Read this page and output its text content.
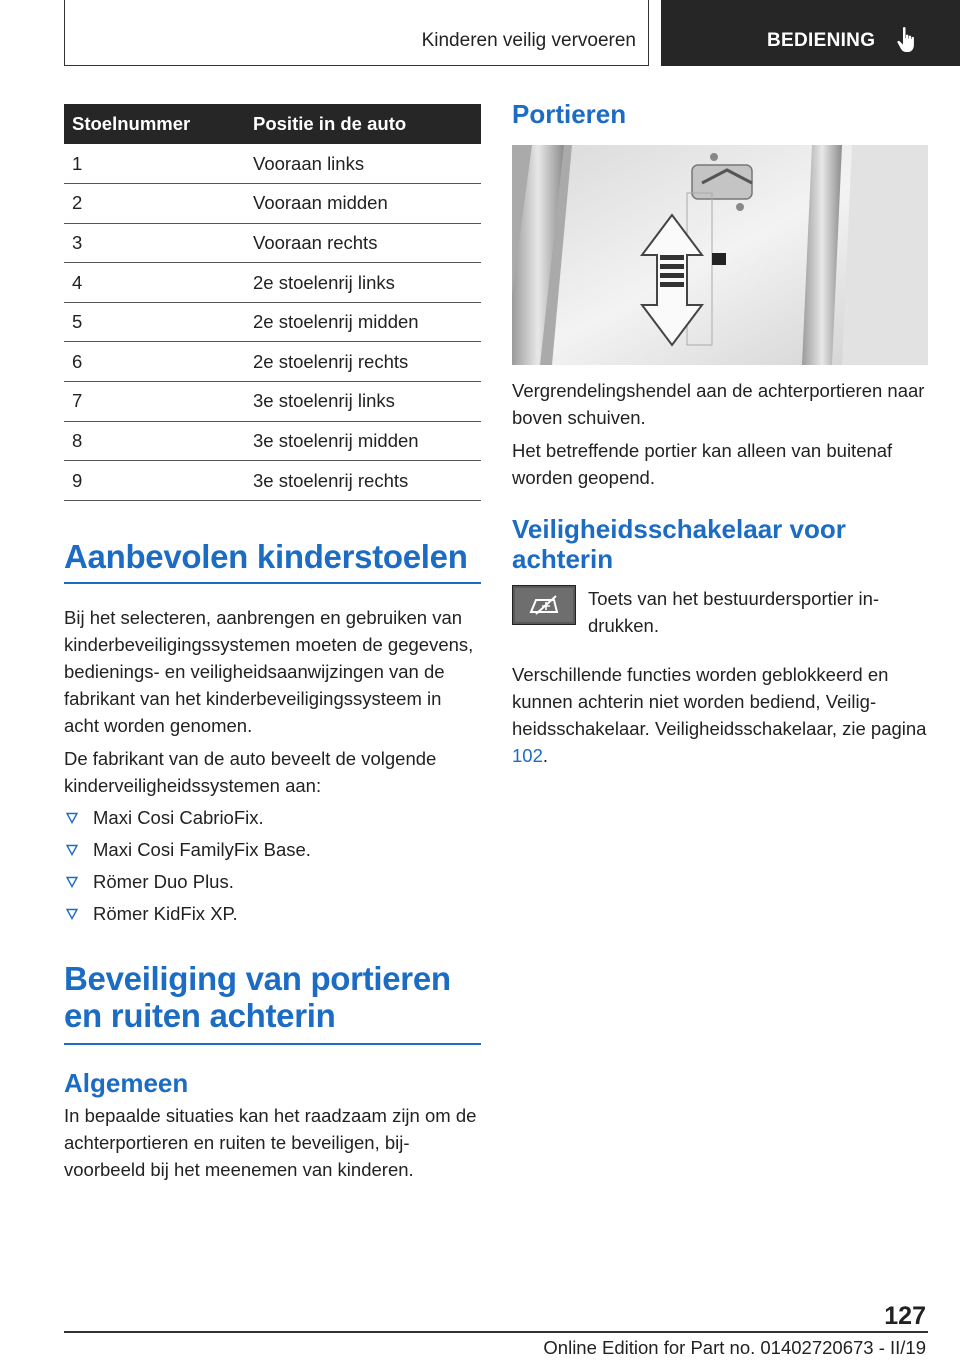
Kinderen veilig vervoeren	BEDIENING
Stoelnummer	Positie in de auto
1	Vooraan links
2	Vooraan midden
3	Vooraan rechts
4	2e stoelenrij links
5	2e stoelenrij midden
6	2e stoelenrij rechts
7	3e stoelenrij links
8	3e stoelenrij midden
9	3e stoelenrij rechts
Aanbevolen kinderstoelen

Bij het selecteren, aanbrengen en gebruiken van kinderbeveiligingssystemen moeten de gegevens, bedienings- en veiligheidsaanwijzingen van de fabrikant van het kinderbeveiligingssysteem in acht worden genomen.

De fabrikant van de auto beveelt de volgende kinderveiligheidssystemen aan:

Maxi Cosi CabrioFix.
Maxi Cosi FamilyFix Base.
Römer Duo Plus.
Römer KidFix XP.
Beveiliging van portieren en ruiten achterin
Algemeen

In bepaalde situaties kan het raadzaam zijn om de achterportieren en ruiten te beveiligen, bijvoorbeeld bij het meenemen van kinderen.

Portieren

Vergrendelingshendel aan de achterportieren naar boven schuiven.

Het betreffende portier kan alleen van buitenaf worden geopend.

Veiligheidsschakelaar voor achterin

Toets van het bestuurdersportier indrukken.

Verschillende functies worden geblokkeerd en kunnen achterin niet worden bediend, Veiligheidsschakelaar. Veiligheidsschakelaar, zie pagina 102.

127
Online Edition for Part no. 01402720673 - II/19
